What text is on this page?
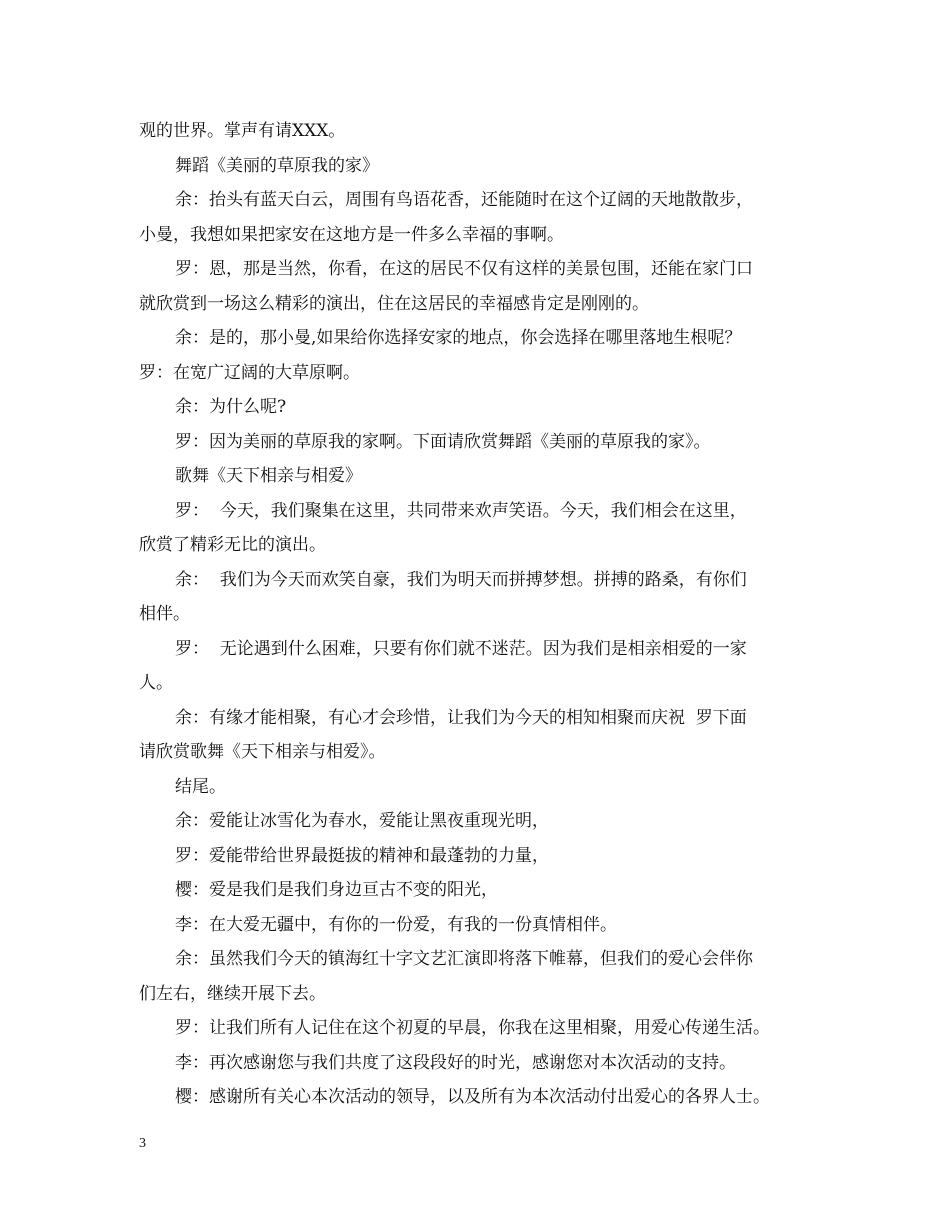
观的世界。掌声有请XXX。

舞蹈《美丽的草原我的家》

余：抬头有蓝天白云，周围有鸟语花香，还能随时在这个辽阔的天地散散步，
小曼，我想如果把家安在这地方是一件多么幸福的事啊。

罗：恩，那是当然，你看，在这的居民不仅有这样的美景包围，还能在家门口
就欣赏到一场这么精彩的演出，住在这居民的幸福感肯定是刚刚的。

余：是的，那小曼,如果给你选择安家的地点，你会选择在哪里落地生根呢？

罗：在宽广辽阔的大草原啊。

余：为什么呢?

罗：因为美丽的草原我的家啊。下面请欣赏舞蹈《美丽的草原我的家》。

歌舞《天下相亲与相爱》

罗：  今天，我们聚集在这里，共同带来欢声笑语。今天，我们相会在这里，
欣赏了精彩无比的演出。

余：  我们为今天而欢笑自豪，我们为明天而拼搏梦想。拼搏的路桑，有你们
相伴。

罗：  无论遇到什么困难，只要有你们就不迷茫。因为我们是相亲相爱的一家
人。

余：有缘才能相聚，有心才会珍惜，让我们为今天的相知相聚而庆祝  罗下面
请欣赏歌舞《天下相亲与相爱》。

结尾。

余：爱能让冰雪化为春水，爱能让黑夜重现光明，

罗：爱能带给世界最挺拔的精神和最蓬勃的力量，

樱：爱是我们是我们身边亘古不变的阳光，

李：在大爱无疆中，有你的一份爱，有我的一份真情相伴。

余：虽然我们今天的镇海红十字文艺汇演即将落下帷幕，但我们的爱心会伴你
们左右，继续开展下去。

罗：让我们所有人记住在这个初夏的早晨，你我在这里相聚，用爱心传递生活。

李：再次感谢您与我们共度了这段段好的时光，感谢您对本次活动的支持。

樱：感谢所有关心本次活动的领导，以及所有为本次活动付出爱心的各界人士。

3
